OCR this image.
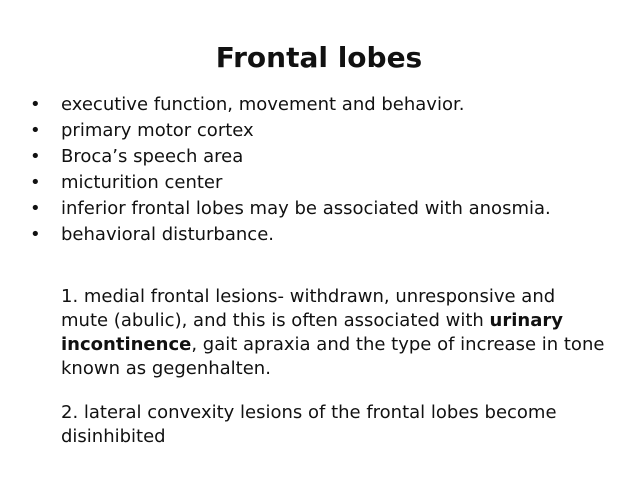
Frontal lobes
• executive function, movement and behavior.
• primary motor cortex
• Broca’s speech area
• micturition center
• inferior frontal lobes may be associated with anosmia.
• behavioral disturbance.

1. medial frontal lesions- withdrawn, unresponsive and mute (abulic), and this is often associated with urinary incontinence, gait apraxia and the type of increase in tone known as gegenhalten.

2. lateral convexity lesions of the frontal lobes become disinhibited
